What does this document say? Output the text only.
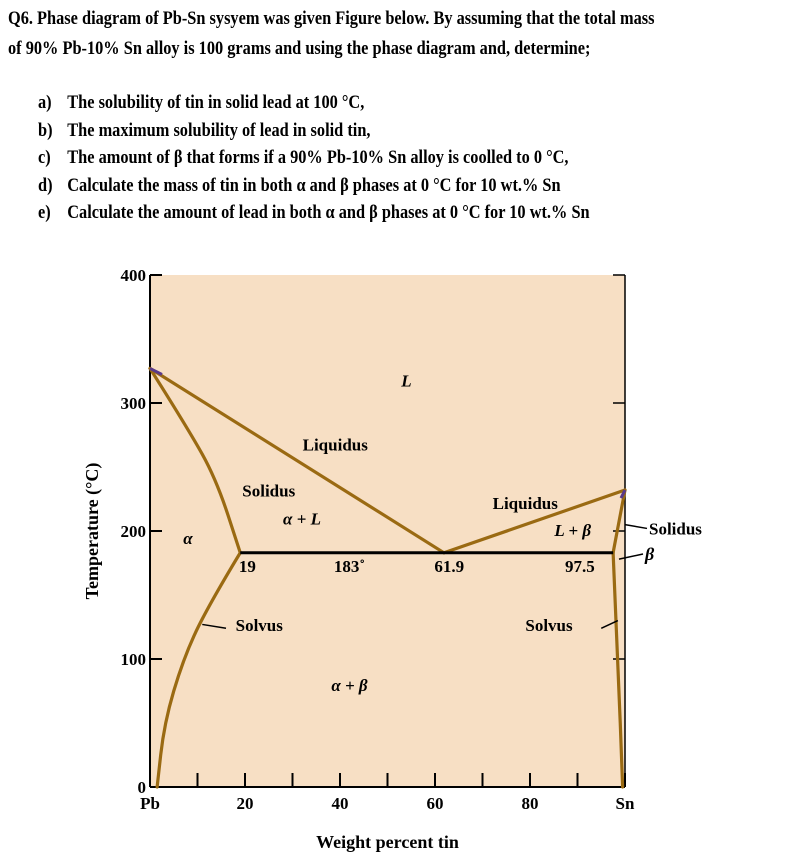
Q6. Phase diagram of Pb-Sn sysyem was given Figure below. By assuming that the total mass
of 90% Pb-10% Sn alloy is 100 grams and using the phase diagram and, determine;
a) The solubility of tin in solid lead at 100 °C,
b) The maximum solubility of lead in solid tin,
c) The amount of β that forms if a 90% Pb-10% Sn alloy is coolled to 0 °C,
d) Calculate the mass of tin in both α and β phases at 0 °C for 10 wt.% Sn
e) Calculate the amount of lead in both α and β phases at 0 °C for 10 wt.% Sn
0
100
200
300
400
Pb	20	40	60	80	Sn
L
Liquidus
Solidus
α + L
α
Liquidus
L + β
19	183˚	61.9	97.5
Solvus	Solvus
α + β
Solidus
β
Weight percent tin
Temperature (°C)
